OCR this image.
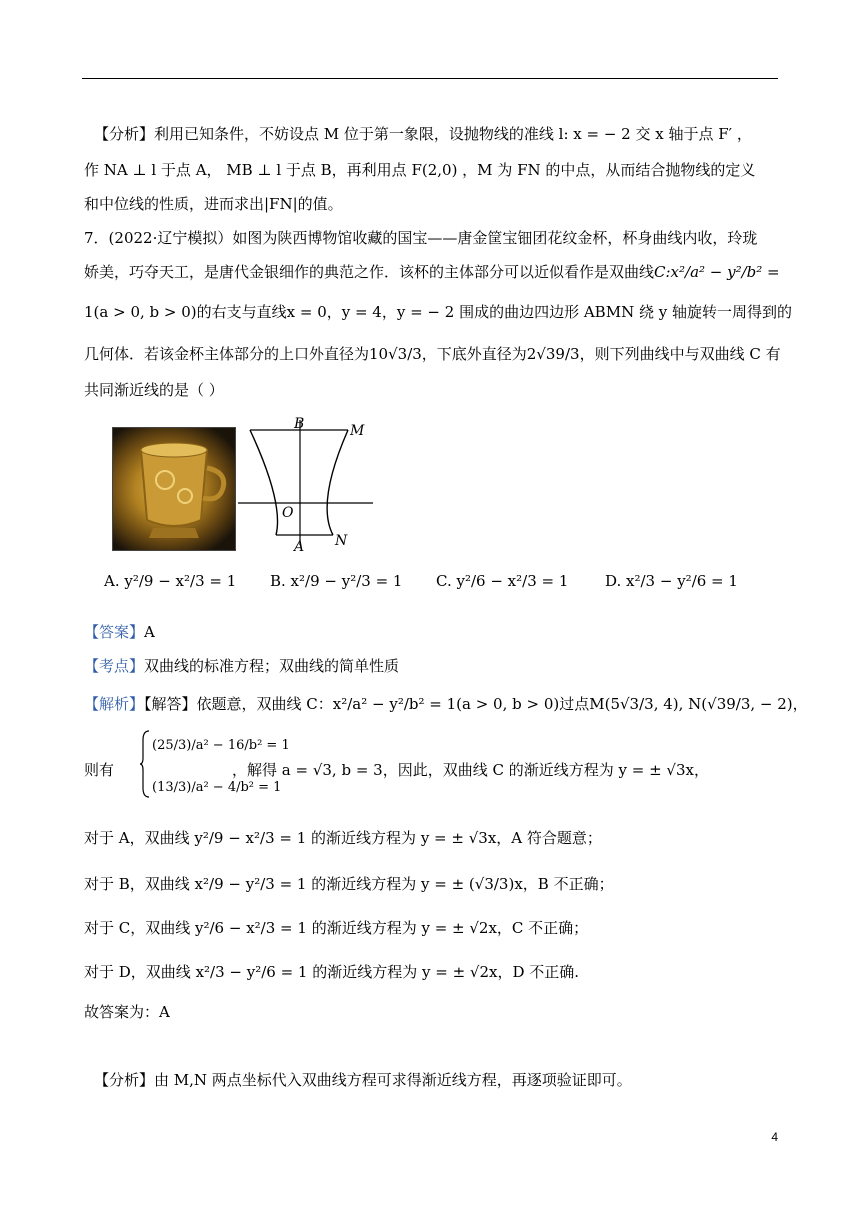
【分析】利用已知条件，不妨设点 M 位于第一象限，设抛物线的准线 l: x = − 2 交 x 轴于点 F′ ，
作 NA ⊥ l 于点 A， MB ⊥ l 于点 B，再利用点 F(2,0) ，M 为 FN 的中点，从而结合抛物线的定义
和中位线的性质，进而求出|FN|的值。
7．(2022·辽宁模拟）如图为陕西博物馆收藏的国宝——唐金筐宝钿团花纹金杯，杯身曲线内收，玲珑
娇美，巧夺天工，是唐代金银细作的典范之作．该杯的主体部分可以近似看作是双曲线C:x²/a² − y²/b² =
1(a > 0, b > 0)的右支与直线x = 0，y = 4，y = − 2 围成的曲边四边形 ABMN 绕 y 轴旋转一周得到的
几何体．若该金杯主体部分的上口外直径为10√3/3，下底外直径为2√39/3，则下列曲线中与双曲线 C 有
共同渐近线的是（ ）
B	M
O
A N
A. y²/9 − x²/3 = 1 B. x²/9 − y²/3 = 1 C. y²/6 − x²/3 = 1 D. x²/3 − y²/6 = 1
【答案】A
【考点】双曲线的标准方程；双曲线的简单性质
【解析】【解答】依题意，双曲线 C：x²/a² − y²/b² = 1(a > 0, b > 0)过点M(5√3/3, 4), N(√39/3, − 2)，
则有
(25/3)/a² − 16/b² = 1
(13/3)/a² − 4/b² = 1
，解得 a = √3, b = 3，因此，双曲线 C 的渐近线方程为 y = ± √3x，
对于 A，双曲线 y²/9 − x²/3 = 1 的渐近线方程为 y = ± √3x，A 符合题意；
对于 B，双曲线 x²/9 − y²/3 = 1 的渐近线方程为 y = ± (√3/3)x，B 不正确；
对于 C，双曲线 y²/6 − x²/3 = 1 的渐近线方程为 y = ± √2x，C 不正确；
对于 D，双曲线 x²/3 − y²/6 = 1 的渐近线方程为 y = ± √2x，D 不正确.
故答案为：A
【分析】由 M,N 两点坐标代入双曲线方程可求得渐近线方程，再逐项验证即可。
4
